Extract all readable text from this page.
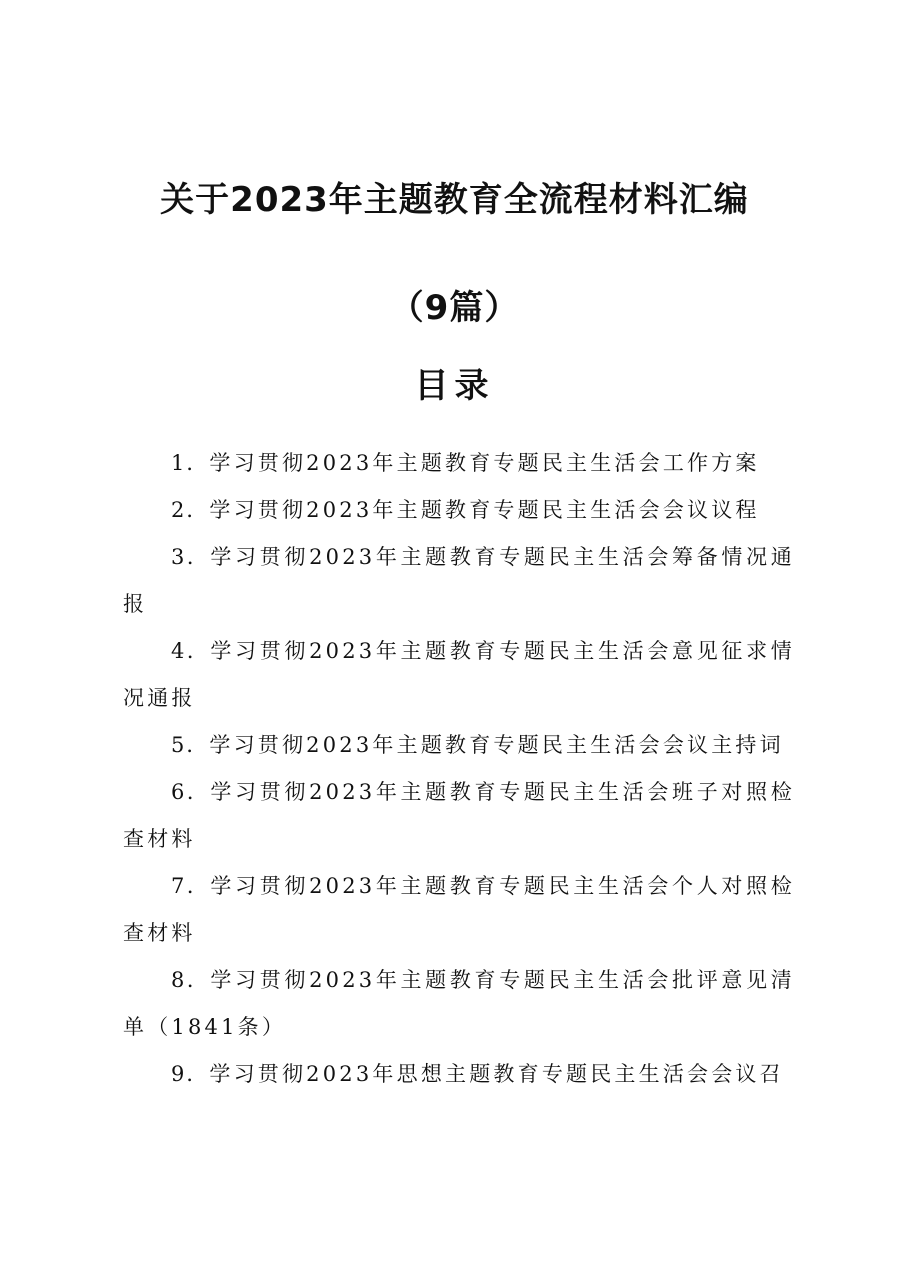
关于2023年主题教育全流程材料汇编
（9篇）
目录

1．学习贯彻2023年主题教育专题民主生活会工作方案

2．学习贯彻2023年主题教育专题民主生活会会议议程

3．学习贯彻2023年主题教育专题民主生活会筹备情况通报

4．学习贯彻2023年主题教育专题民主生活会意见征求情况通报

5．学习贯彻2023年主题教育专题民主生活会会议主持词

6．学习贯彻2023年主题教育专题民主生活会班子对照检查材料

7．学习贯彻2023年主题教育专题民主生活会个人对照检查材料

8．学习贯彻2023年主题教育专题民主生活会批评意见清单（1841条）

9．学习贯彻2023年思想主题教育专题民主生活会会议召
